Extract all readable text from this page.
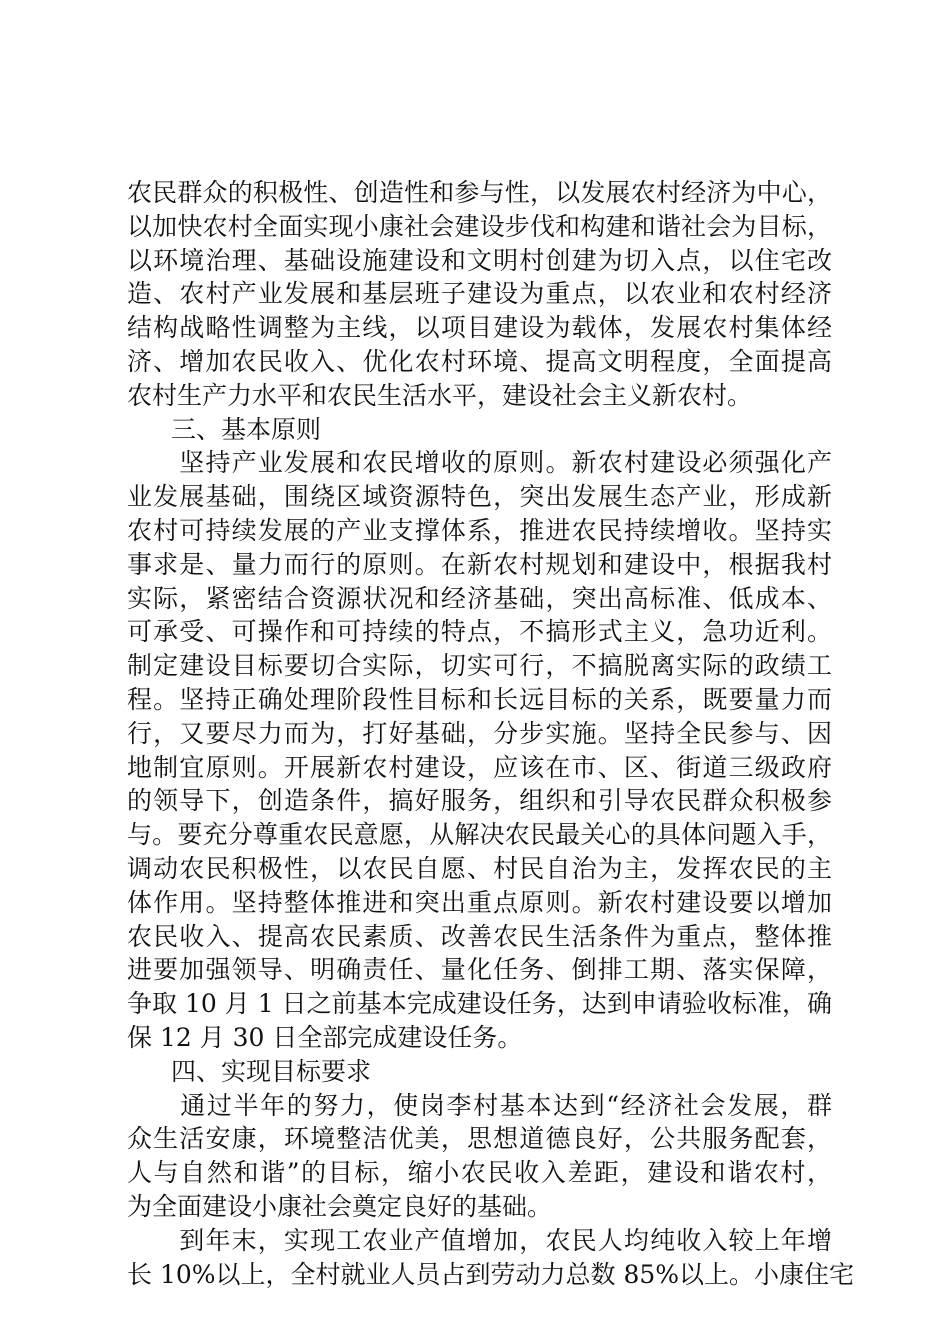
农民群众的积极性、创造性和参与性，以发展农村经济为中心，
以加快农村全面实现小康社会建设步伐和构建和谐社会为目标，
以环境治理、基础设施建设和文明村创建为切入点，以住宅改
造、农村产业发展和基层班子建设为重点，以农业和农村经济
结构战略性调整为主线，以项目建设为载体，发展农村集体经
济、增加农民收入、优化农村环境、提高文明程度，全面提高
农村生产力水平和农民生活水平，建设社会主义新农村。
三、基本原则
　　坚持产业发展和农民增收的原则。新农村建设必须强化产
业发展基础，围绕区域资源特色，突出发展生态产业，形成新
农村可持续发展的产业支撑体系，推进农民持续增收。坚持实
事求是、量力而行的原则。在新农村规划和建设中，根据我村
实际，紧密结合资源状况和经济基础，突出高标准、低成本、
可承受、可操作和可持续的特点，不搞形式主义，急功近利。
制定建设目标要切合实际，切实可行，不搞脱离实际的政绩工
程。坚持正确处理阶段性目标和长远目标的关系，既要量力而
行，又要尽力而为，打好基础，分步实施。坚持全民参与、因
地制宜原则。开展新农村建设，应该在市、区、街道三级政府
的领导下，创造条件，搞好服务，组织和引导农民群众积极参
与。要充分尊重农民意愿，从解决农民最关心的具体问题入手，
调动农民积极性，以农民自愿、村民自治为主，发挥农民的主
体作用。坚持整体推进和突出重点原则。新农村建设要以增加
农民收入、提高农民素质、改善农民生活条件为重点，整体推
进要加强领导、明确责任、量化任务、倒排工期、落实保障，
争取 10 月 1 日之前基本完成建设任务，达到申请验收标准，确
保 12 月 30 日全部完成建设任务。
四、实现目标要求
　　通过半年的努力，使岗李村基本达到“经济社会发展，群
众生活安康，环境整洁优美，思想道德良好，公共服务配套，
人与自然和谐”的目标，缩小农民收入差距，建设和谐农村，
为全面建设小康社会奠定良好的基础。
　　到年末，实现工农业产值增加，农民人均纯收入较上年增
长 10%以上，全村就业人员占到劳动力总数 85%以上。小康住宅
